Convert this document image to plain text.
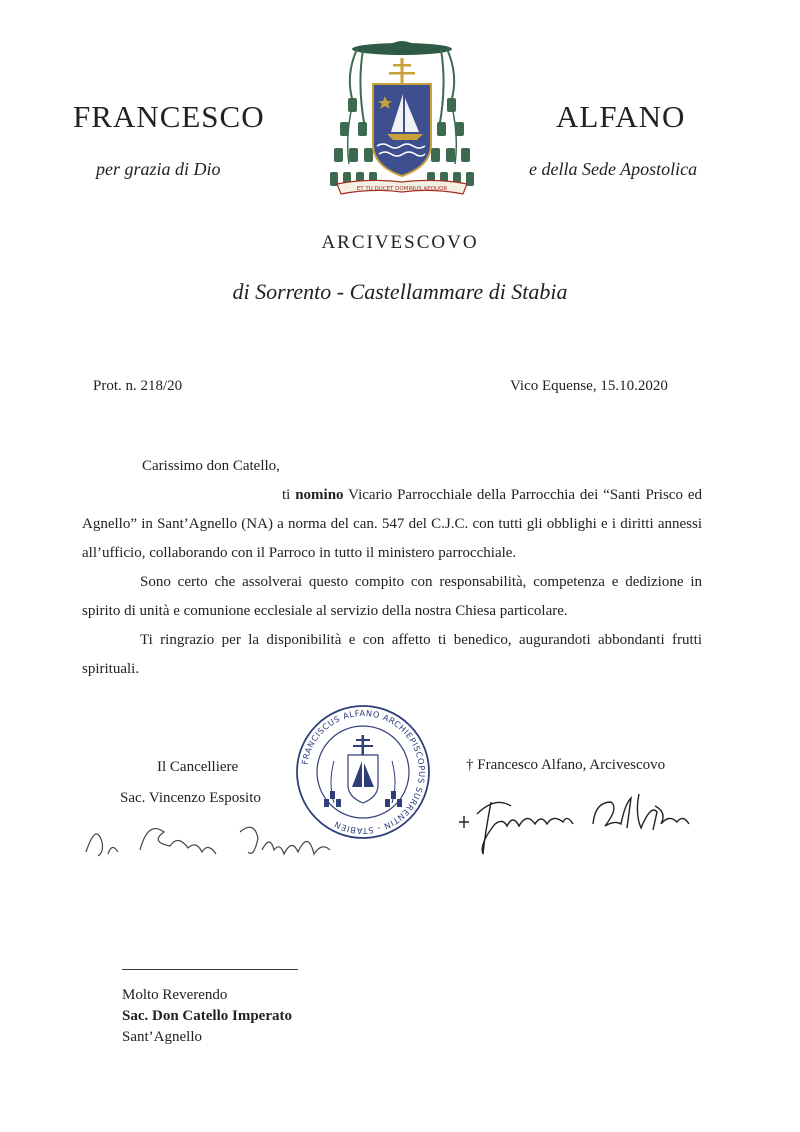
FRANCESCO	ALFANO
per grazia di Dio	e della Sede Apostolica
ET TU DUCET DOMINUS AEQUOR
ARCIVESCOVO
di Sorrento - Castellammare di Stabia
Prot. n. 218/20	Vico Equense, 15.10.2020

Carissimo don Catello,

ti nomino Vicario Parrocchiale della Parrocchia dei “Santi Prisco ed Agnello” in Sant’Agnello (NA) a norma del can. 547 del C.J.C. con tutti gli obblighi e i diritti annessi all’ufficio, collaborando con il Parroco in tutto il ministero parrocchiale.

Sono certo che assolverai questo compito con responsabilità, competenza e dedizione in spirito di unità e comunione ecclesiale al servizio della nostra Chiesa particolare.

Ti ringrazio per la disponibilità e con affetto ti benedico, augurandoti abbondanti frutti spirituali.

Il Cancelliere
Sac. Vincenzo Esposito
FRANCISCUS ALFANO ARCHIEPISCOPUS SURRENTIN - STABIEN
† Francesco Alfano, Arcivescovo
Molto Reverendo
Sac. Don Catello Imperato
Sant’Agnello
